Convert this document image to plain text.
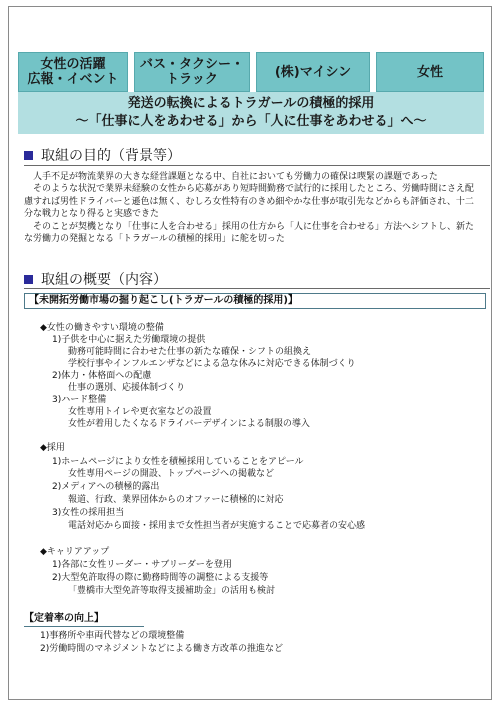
女性の活躍
広報・イベント
バス・タクシー・
トラック	(株)マイシン	女性
発送の転換によるトラガールの積極的採用
～「仕事に人をあわせる」から「人に仕事をあわせる」へ～
取組の目的（背景等）

　人手不足が物流業界の大きな経営課題となる中、自社においても労働力の確保は喫緊の課題であった

　そのような状況で業界未経験の女性から応募があり短時間勤務で試行的に採用したところ、労働時間にさえ配慮すれば男性ドライバーと遜色は無く、むしろ女性特有のきめ細やかな仕事が取引先などからも評価され、十二分な戦力となり得ると実感できた

　そのことが契機となり「仕事に人を合わせる」採用の仕方から「人に仕事を合わせる」方法へシフトし、新たな労働力の発掘となる「トラガールの積極的採用」に舵を切った

取組の概要（内容）
【未開拓労働市場の掘り起こし(トラガールの積極的採用)】
◆女性の働きやすい環境の整備
1)子供を中心に据えた労働環境の提供
動務可能時間に合わせた仕事の新たな確保・シフトの組換え
学校行事やインフルエンザなどによる急な休みに対応できる体制づくり
2)体力・体格面への配慮
仕事の選別、応援体制づくり
3)ハード整備
女性専用トイレや更衣室などの設置
女性が着用したくなるドライバーデザインによる制服の導入
◆採用
1)ホームページにより女性を積極採用していることをアピール
女性専用ページの開設、トップページへの掲載など
2)メディアへの積極的露出
報道、行政、業界団体からのオファーに積極的に対応
3)女性の採用担当
電話対応から面接・採用まで女性担当者が実施することで応募者の安心感
◆キャリアアップ
1)各部に女性リーダー・サブリーダーを登用
2)大型免許取得の際に勤務時間等の調整による支援等
「豊橋市大型免許等取得支援補助金」の活用も検討
【定着率の向上】
1)事務所や車両代替などの環境整備
2)労働時間のマネジメントなどによる働き方改革の推進など
